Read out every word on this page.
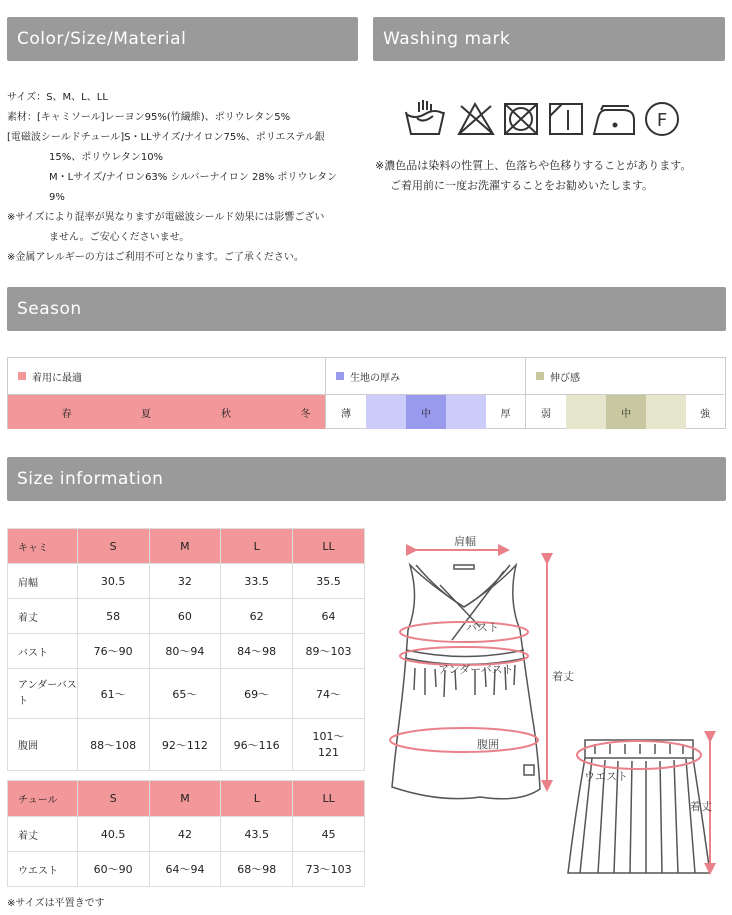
Color/Size/Material	Washing mark
サイズ：S、M、L、LL
素材：[キャミソール]レーヨン95%(竹繊維)、ポリウレタン5%
[電磁波シールドチュール]S・LLサイズ/ナイロン75%、ポリエステル銀
15%、ポリウレタン10%
M・Lサイズ/ナイロン63% シルバーナイロン 28% ポリウレタン
9%
※サイズにより混率が異なりますが電磁波シールド効果には影響ござい
ません。ご安心くださいませ。
※金属アレルギーの方はご利用不可となります。ご了承ください。
F
※濃色品は染料の性質上、色落ちや色移りすることがあります。
ご着用前に一度お洗濯することをお勧めいたします。
Season
着用に最適	生地の厚み	伸び感
春	夏	秋	冬	薄	中	厚	弱	中	強
Size information
キャミ	S	M	L	LL
肩幅	30.5	32	33.5	35.5
着丈	58	60	62	64
バスト	76〜90	80〜94	84〜98	89〜103
アンダーバスト	61〜	65〜	69〜	74〜
腹囲	88〜108	92〜112	96〜116	101〜121
チュール	S	M	L	LL
着丈	40.5	42	43.5	45
ウエスト	60〜90	64〜94	68〜98	73〜103
※サイズは平置きです
肩幅
バスト
アンダーバスト
腹囲
着丈
ウエスト
着丈
